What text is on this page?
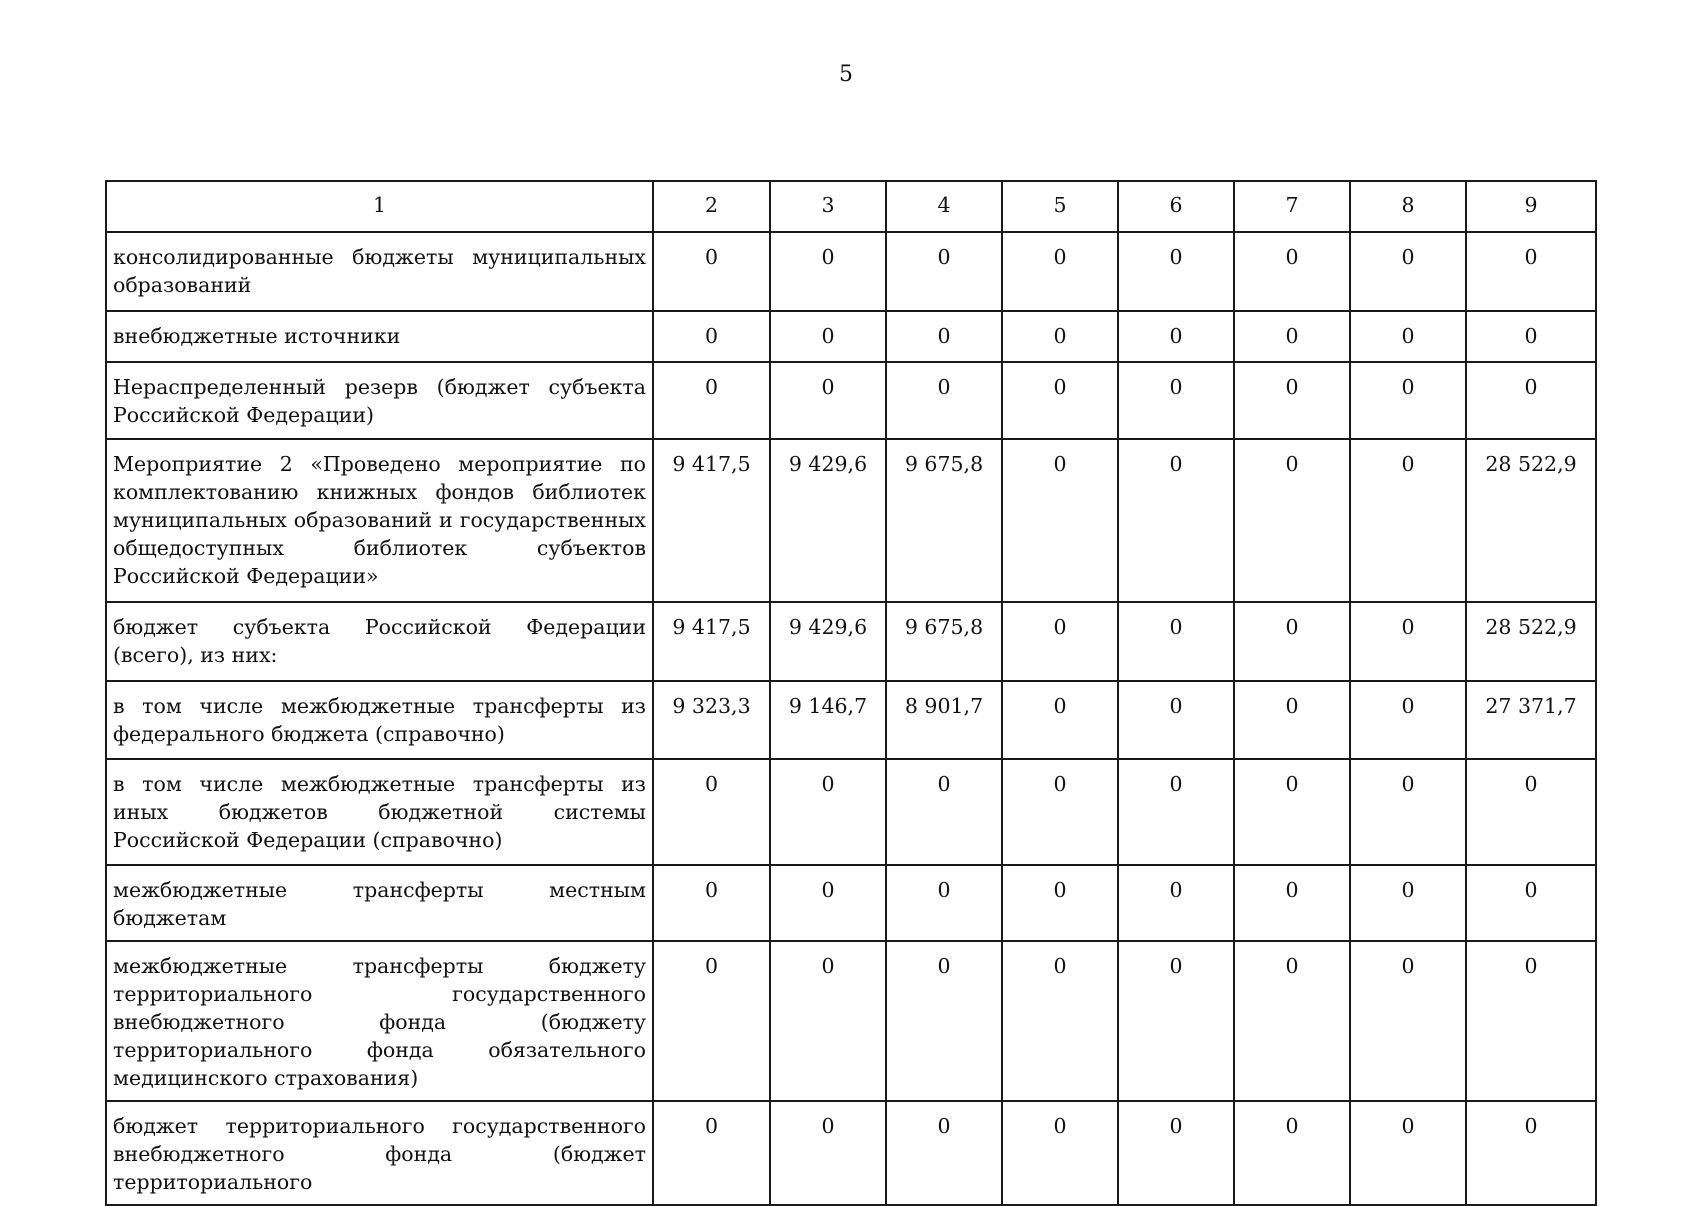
5
1	2	3	4	5	6	7	8	9
консолидированные бюджеты муниципальных образований	0	0	0	0	0	0	0	0
внебюджетные источники	0	0	0	0	0	0	0	0
Нераспределенный резерв (бюджет субъекта Российской Федерации)	0	0	0	0	0	0	0	0
Мероприятие 2 «Проведено мероприятие по комплектованию книжных фондов библиотек муниципальных образований и государственных общедоступных библиотек субъектов Российской Федерации»	9 417,5	9 429,6	9 675,8	0	0	0	0	28 522,9
бюджет субъекта Российской Федерации (всего), из них:	9 417,5	9 429,6	9 675,8	0	0	0	0	28 522,9
в том числе межбюджетные трансферты из федерального бюджета (справочно)	9 323,3	9 146,7	8 901,7	0	0	0	0	27 371,7
в том числе межбюджетные трансферты из иных бюджетов бюджетной системы Российской Федерации (справочно)	0	0	0	0	0	0	0	0
межбюджетные трансферты местным бюджетам	0	0	0	0	0	0	0	0
межбюджетные трансферты бюджету территориального государственного внебюджетного фонда (бюджету территориального фонда обязательного медицинского страхования)	0	0	0	0	0	0	0	0
бюджет территориального государственного внебюджетного фонда (бюджет территориального	0	0	0	0	0	0	0	0
